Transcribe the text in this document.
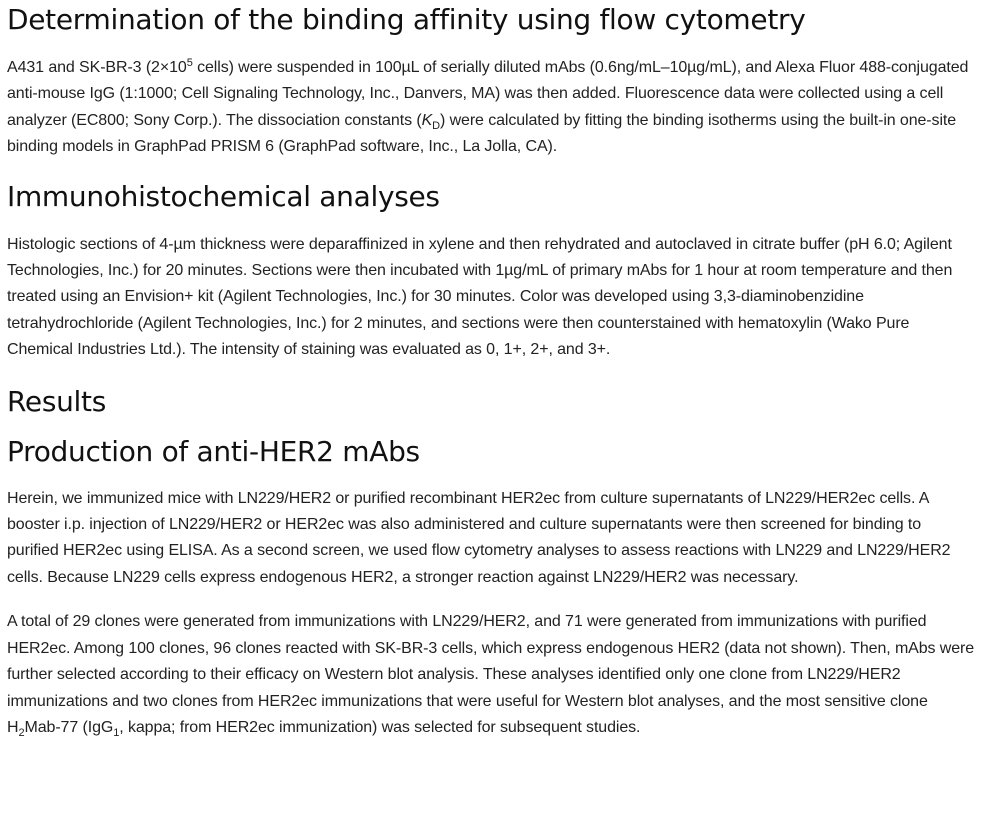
Determination of the binding affinity using flow cytometry

A431 and SK-BR-3 ($2\times 10^5$ cells) were suspended in 100µL of serially diluted mAbs (0.6ng/mL–10µg/mL), and Alexa Fluor 488-conjugated anti-mouse IgG (1:1000; Cell Signaling Technology, Inc., Danvers, MA) was then added. Fluorescence data were collected using a cell analyzer (EC800; Sony Corp.). The dissociation constants $(K_D)$ were calculated by fitting the binding isotherms using the built-in one-site binding models in GraphPad PRISM 6 (GraphPad software, Inc., La Jolla, CA).

Immunohistochemical analyses

Histologic sections of 4-µm thickness were deparaffinized in xylene and then rehydrated and autoclaved in citrate buffer (pH 6.0; Agilent Technologies, Inc.) for 20 minutes. Sections were then incubated with 1µg/mL of primary mAbs for 1 hour at room temperature and then treated using an Envision+ kit (Agilent Technologies, Inc.) for 30 minutes. Color was developed using 3,3-diaminobenzidine tetrahydrochloride (Agilent Technologies, Inc.) for 2 minutes, and sections were then counterstained with hematoxylin (Wako Pure Chemical Industries Ltd.). The intensity of staining was evaluated as 0, 1+, 2+, and 3+.

Results
Production of anti-HER2 mAbs

Herein, we immunized mice with LN229/HER2 or purified recombinant HER2ec from culture supernatants of LN229/HER2ec cells. A booster i.p. injection of LN229/HER2 or HER2ec was also administered and culture supernatants were then screened for binding to purified HER2ec using ELISA. As a second screen, we used flow cytometry analyses to assess reactions with LN229 and LN229/HER2 cells. Because LN229 cells express endogenous HER2, a stronger reaction against LN229/HER2 was necessary.

A total of 29 clones were generated from immunizations with LN229/HER2, and 71 were generated from immunizations with purified HER2ec. Among 100 clones, 96 clones reacted with SK-BR-3 cells, which express endogenous HER2 (data not shown). Then, mAbs were further selected according to their efficacy on Western blot analysis. These analyses identified only one clone from LN229/HER2 immunizations and two clones from HER2ec immunizations that were useful for Western blot analyses, and the most sensitive clone $H_2Mab-77$ (IgG$_1$, kappa; from HER2ec immunization) was selected for subsequent studies.
